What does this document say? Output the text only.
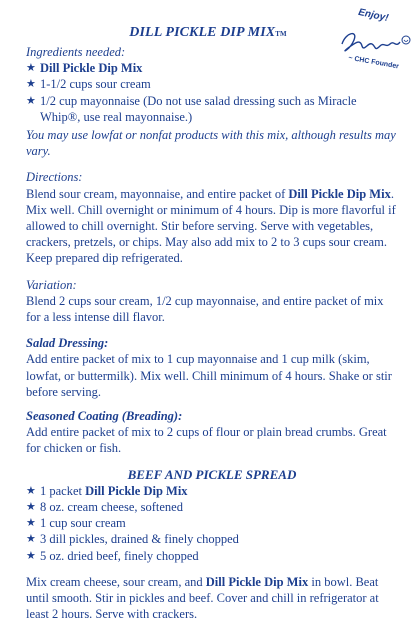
DILL PICKLE DIP MIXTM
Enjoy!
~ CHC Founder

Ingredients needed:

★ Dill Pickle Dip Mix
★ 1-1/2 cups sour cream
★ 1/2 cup mayonnaise (Do not use salad dressing such as Miracle Whip®, use real mayonnaise.)

You may use lowfat or nonfat products with this mix, although results may vary.

Directions:

Blend sour cream, mayonnaise, and entire packet of Dill Pickle Dip Mix. Mix well. Chill overnight or minimum of 4 hours. Dip is more flavorful if allowed to chill overnight. Stir before serving. Serve with vegetables, crackers, pretzels, or chips. May also add mix to 2 to 3 cups sour cream. Keep prepared dip refrigerated.

Variation:

Blend 2 cups sour cream, 1/2 cup mayonnaise, and entire packet of mix for a less intense dill flavor.

Salad Dressing:

Add entire packet of mix to 1 cup mayonnaise and 1 cup milk (skim, lowfat, or buttermilk). Mix well. Chill minimum of 4 hours. Shake or stir before serving.

Seasoned Coating (Breading):

Add entire packet of mix to 2 cups of flour or plain bread crumbs. Great for chicken or fish.

BEEF AND PICKLE SPREAD

★ 1 packet Dill Pickle Dip Mix
★ 8 oz. cream cheese, softened
★ 1 cup sour cream
★ 3 dill pickles, drained & finely chopped
★ 5 oz. dried beef, finely chopped

Mix cream cheese, sour cream, and Dill Pickle Dip Mix in bowl. Beat until smooth. Stir in pickles and beef. Cover and chill in refrigerator at least 2 hours. Serve with crackers.
